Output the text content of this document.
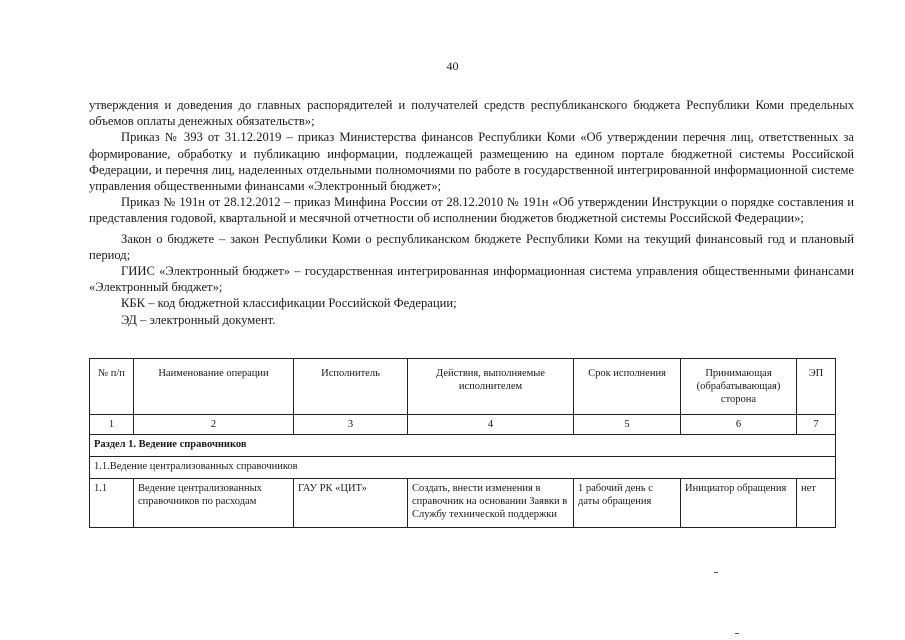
40

утверждения и доведения до главных распорядителей и получателей средств республиканского бюджета Республики Коми предельных объемов оплаты денежных обязательств»;

Приказ № 393 от 31.12.2019 – приказ Министерства финансов Республики Коми «Об утверждении перечня лиц, ответственных за формирование, обработку и публикацию информации, подлежащей размещению на едином портале бюджетной системы Российской Федерации, и перечня лиц, наделенных отдельными полномочиями по работе в государственной интегрированной информационной системе управления общественными финансами «Электронный бюджет»;

Приказ № 191н от 28.12.2012 – приказ Минфина России от 28.12.2010 № 191н «Об утверждении Инструкции о порядке составления и представления годовой, квартальной и месячной отчетности об исполнении бюджетов бюджетной системы Российской Федерации»;

Закон о бюджете – закон Республики Коми о республиканском бюджете Республики Коми на текущий финансовый год и плановый период;

ГИИС «Электронный бюджет» – государственная интегрированная информационная система управления общественными финансами «Электронный бюджет»;

КБК – код бюджетной классификации Российской Федерации;

ЭД – электронный документ.

№ п/п	Наименование операции	Исполнитель	Действия, выполняемые исполнителем	Срок исполнения	Принимающая (обрабатывающая) сторона	ЭП
1	2	3	4	5	6	7
Раздел 1. Ведение справочников						
1.1.Ведение централизованных справочников						
1.1	Ведение централизованных справочников по расходам	ГАУ РК «ЦИТ»	Создать, внести изменения в справочник на основании Заявки в Службу технической поддержки	1 рабочий день с даты обращения	Инициатор обращения	нет
